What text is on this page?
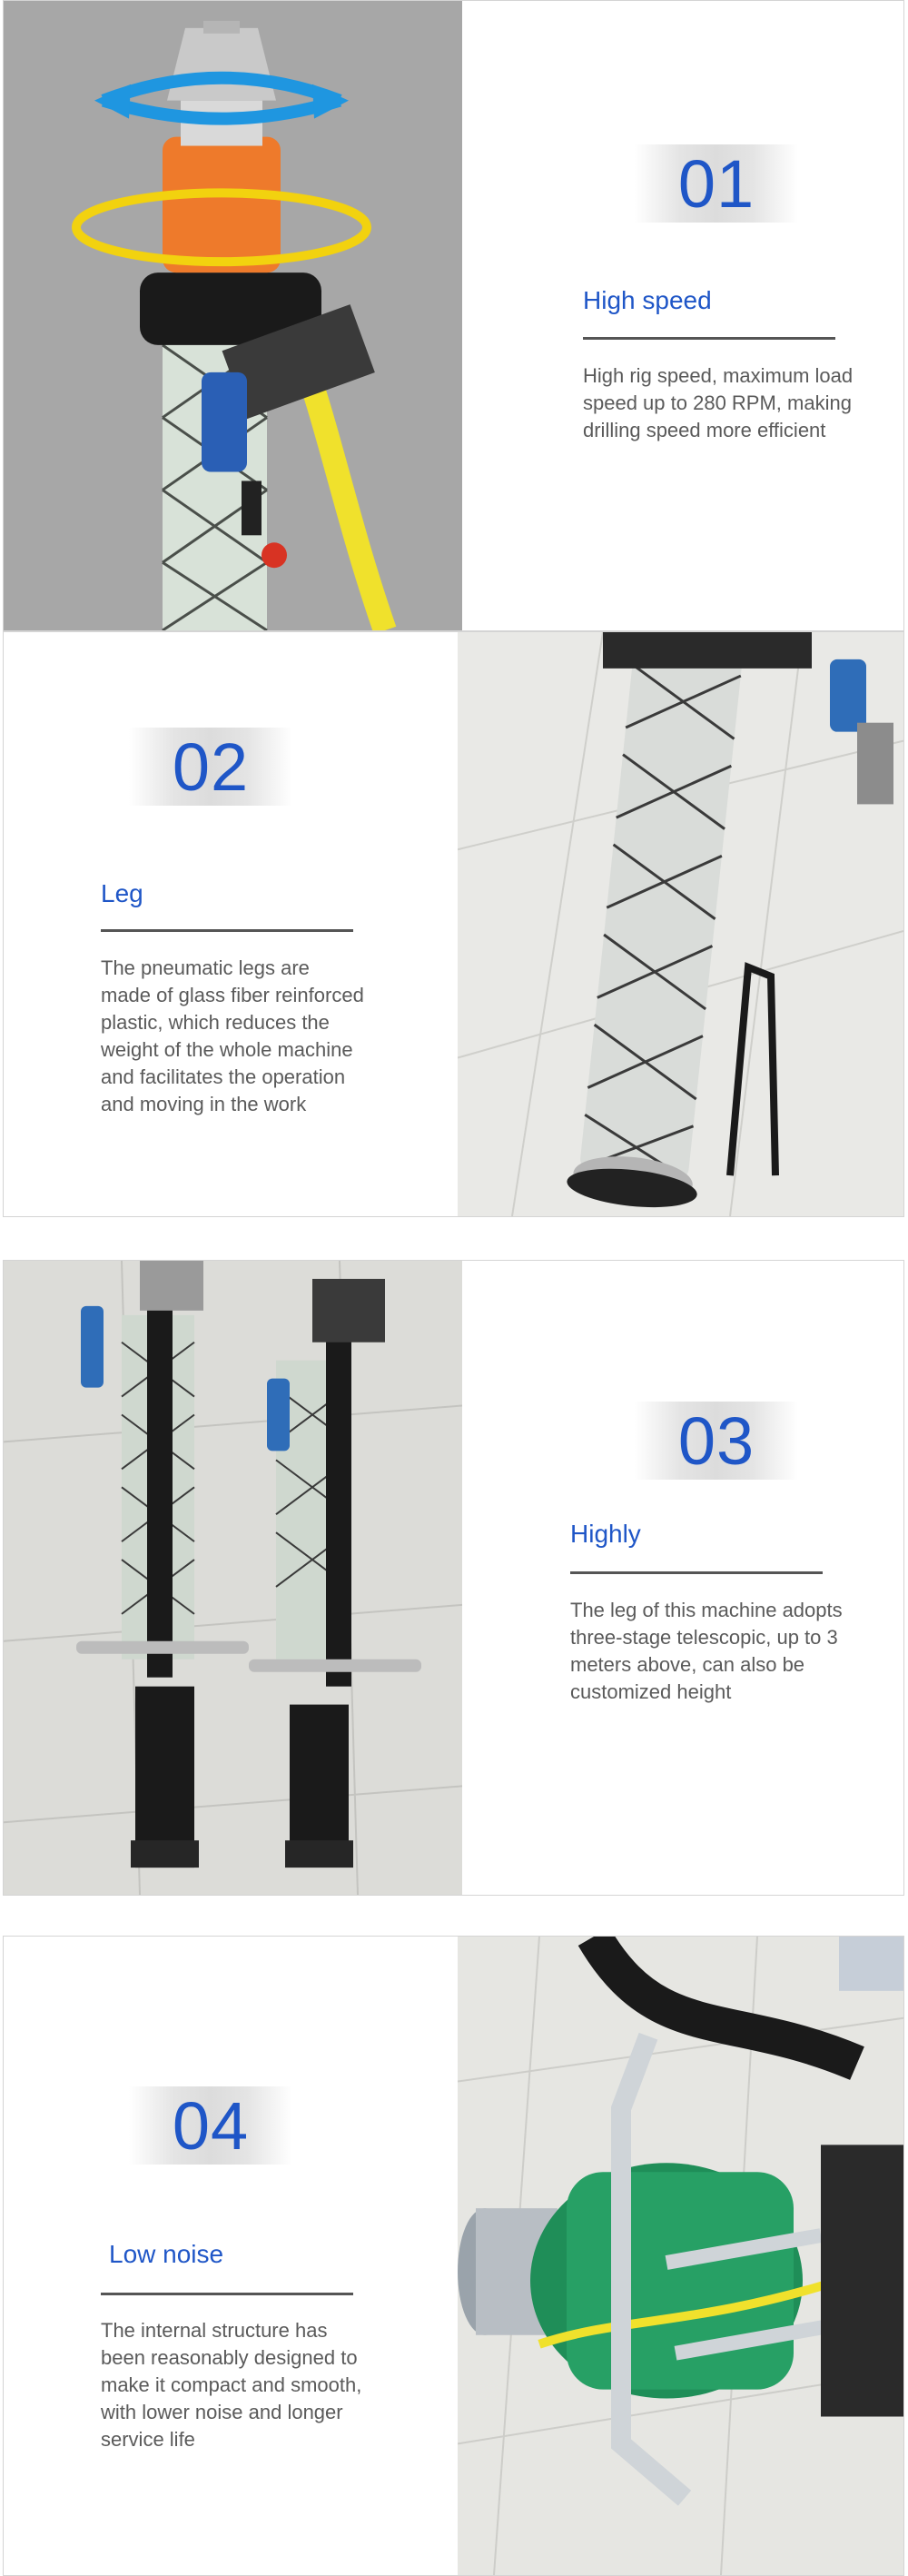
01
High speed
High rig speed, maximum load speed up to 280 RPM, making drilling speed more efficient
02
Leg
The pneumatic legs are made of glass fiber reinforced plastic, which reduces the weight of the whole machine and facilitates the operation and moving in the work
03
Highly
The leg of this machine adopts three-stage telescopic, up to 3 meters above, can also be customized height
04
Low noise
The internal structure has been reasonably designed to make it compact and smooth, with lower noise and longer service life
